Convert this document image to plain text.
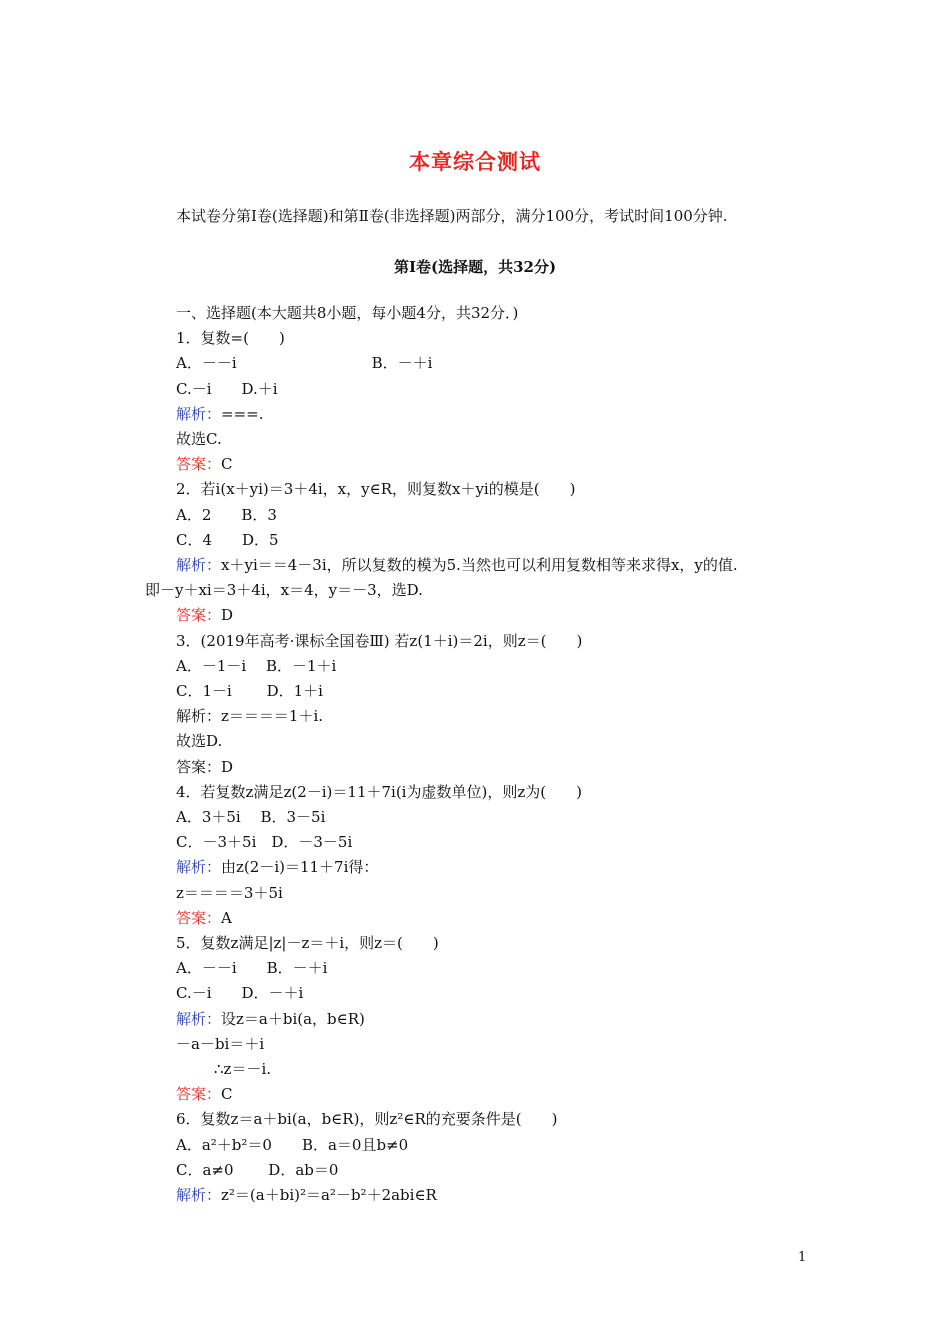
本章综合测试
本试卷分第Ⅰ卷(选择题)和第Ⅱ卷(非选择题)两部分，满分100分，考试时间100分钟.
第Ⅰ卷(选择题，共32分)
一、选择题(本大题共8小题，每小题4分，共32分．)
1．复数=(　　)
A．－－i　　　　　　　　　B．－＋i
C.－i　　D.＋i
解析：===.
故选C.
答案：C
2．若i(x＋yi)＝3＋4i，x，y∈R，则复数x＋yi的模是(　　)
A．2　　B．3
C．4　　D．5
解析：x＋yi＝＝4－3i，所以复数的模为5.当然也可以利用复数相等来求得x，y的值.
即－y＋xi＝3＋4i，x＝4，y＝－3，选D.
答案：D
3．(2019年高考·课标全国卷Ⅲ) 若z(1＋i)＝2i，则z＝(　　)
A．－1－i　 B．－1＋i
C．1－i　　 D．1＋i
解析：z＝＝＝＝1＋i.
故选D.
答案：D
4．若复数z满足z(2－i)＝11＋7i(i为虚数单位)，则z为(　　)
A．3＋5i　 B．3－5i
C．－3＋5i　D．－3－5i
解析：由z(2－i)＝11＋7i得：
z＝＝＝＝3＋5i
答案：A
5．复数z满足|z|－z＝＋i，则z＝(　　)
A．－－i　　B．－＋i
C.－i　　D．－＋i
解析：设z＝a＋bi(a，b∈R)
－a－bi＝＋i
∴z＝－i.
答案：C
6．复数z＝a＋bi(a，b∈R)，则z²∈R的充要条件是(　　)
A．a²＋b²＝0　　B．a＝0且b≠0
C．a≠0　　 D．ab＝0
解析：z²＝(a＋bi)²＝a²－b²＋2abi∈R
1
